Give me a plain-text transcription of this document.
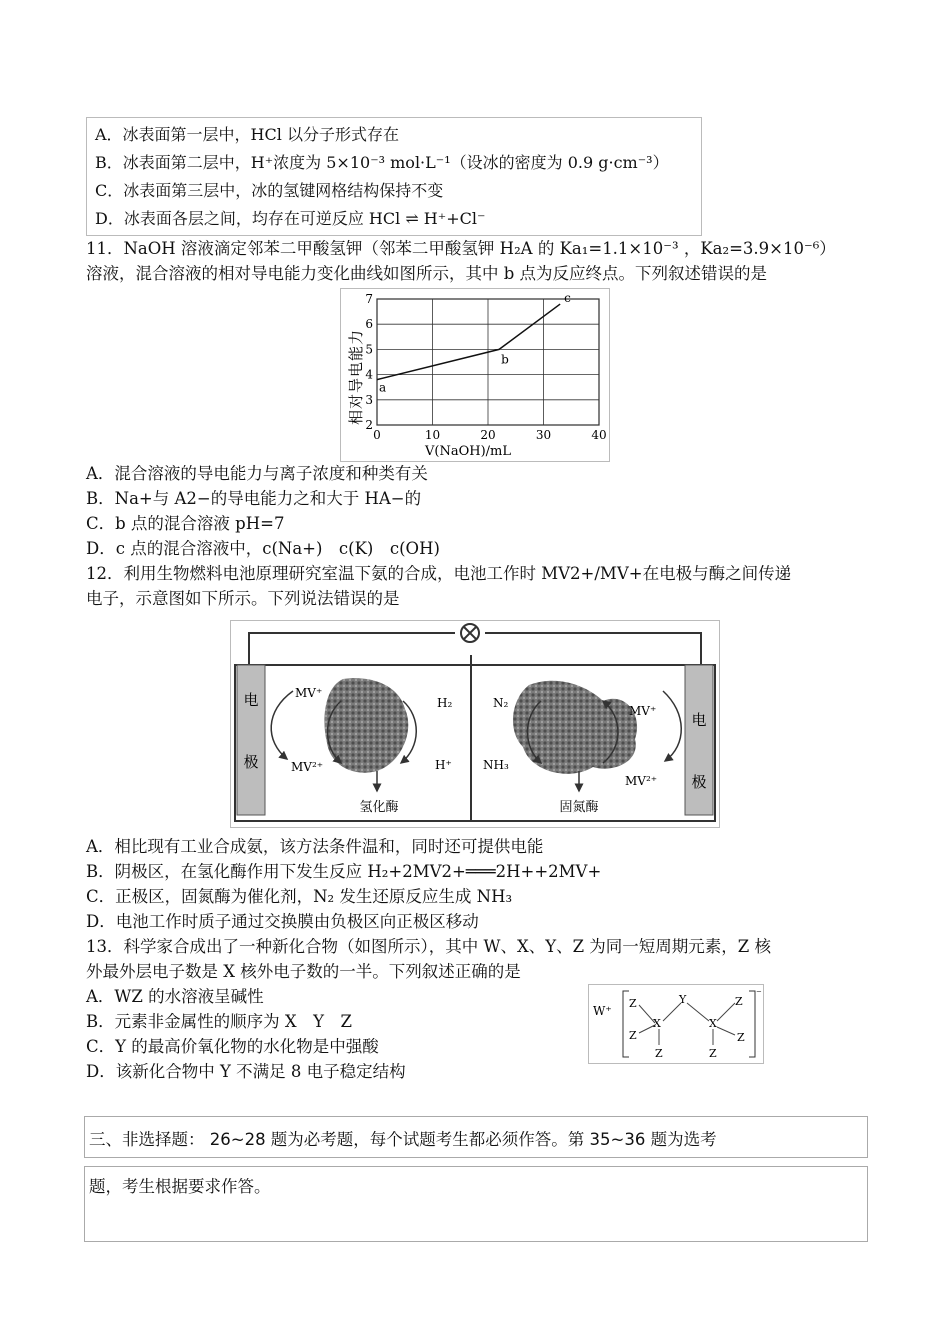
A．冰表面第一层中，HCl 以分子形式存在
B．冰表面第二层中，H⁺浓度为 5×10⁻³ mol·L⁻¹（设冰的密度为 0.9 g·cm⁻³）
C．冰表面第三层中，冰的氢键网格结构保持不变
D．冰表面各层之间，均存在可逆反应 HCl ⇌ H⁺+Cl⁻
11．NaOH 溶液滴定邻苯二甲酸氢钾（邻苯二甲酸氢钾 H₂A 的 Ka₁=1.1×10⁻³ ，Ka₂=3.9×10⁻⁶）
溶液，混合溶液的相对导电能力变化曲线如图所示，其中 b 点为反应终点。下列叙述错误的是
2
3
4
5
6
7
0	10	20	30	40
a
b
c
相对导电能力
V(NaOH)/mL
A．混合溶液的导电能力与离子浓度和种类有关
B．Na+与 A2−的导电能力之和大于 HA−的
C．b 点的混合溶液 pH=7
D．c 点的混合溶液中，c(Na+)　c(K)　c(OH)
12．利用生物燃料电池原理研究室温下氨的合成，电池工作时 MV2+/MV+在电极与酶之间传递
电子，示意图如下所示。下列说法错误的是
电
极
电
极
MV⁺
MV²⁺
H₂
H⁺
氢化酶
N₂
NH₃
MV⁺
MV²⁺
固氮酶
A．相比现有工业合成氨，该方法条件温和，同时还可提供电能
B．阴极区，在氢化酶作用下发生反应 H₂+2MV2+═══2H++2MV+
C．正极区，固氮酶为催化剂，N₂ 发生还原反应生成 NH₃
D．电池工作时质子通过交换膜由负极区向正极区移动
13．科学家合成出了一种新化合物（如图所示），其中 W、X、Y、Z 为同一短周期元素，Z 核
外最外层电子数是 X 核外电子数的一半。下列叙述正确的是
A．WZ 的水溶液呈碱性
B．元素非金属性的顺序为 X　Y　Z
C．Y 的最高价氧化物的水化物是中强酸
D．该新化合物中 Y 不满足 8 电子稳定结构
W⁺
⁻
Z
Z
X
Z
Y
X
Z
Z
Z
三、非选择题： 26~28 题为必考题，每个试题考生都必须作答。第 35~36 题为选考
题，考生根据要求作答。
